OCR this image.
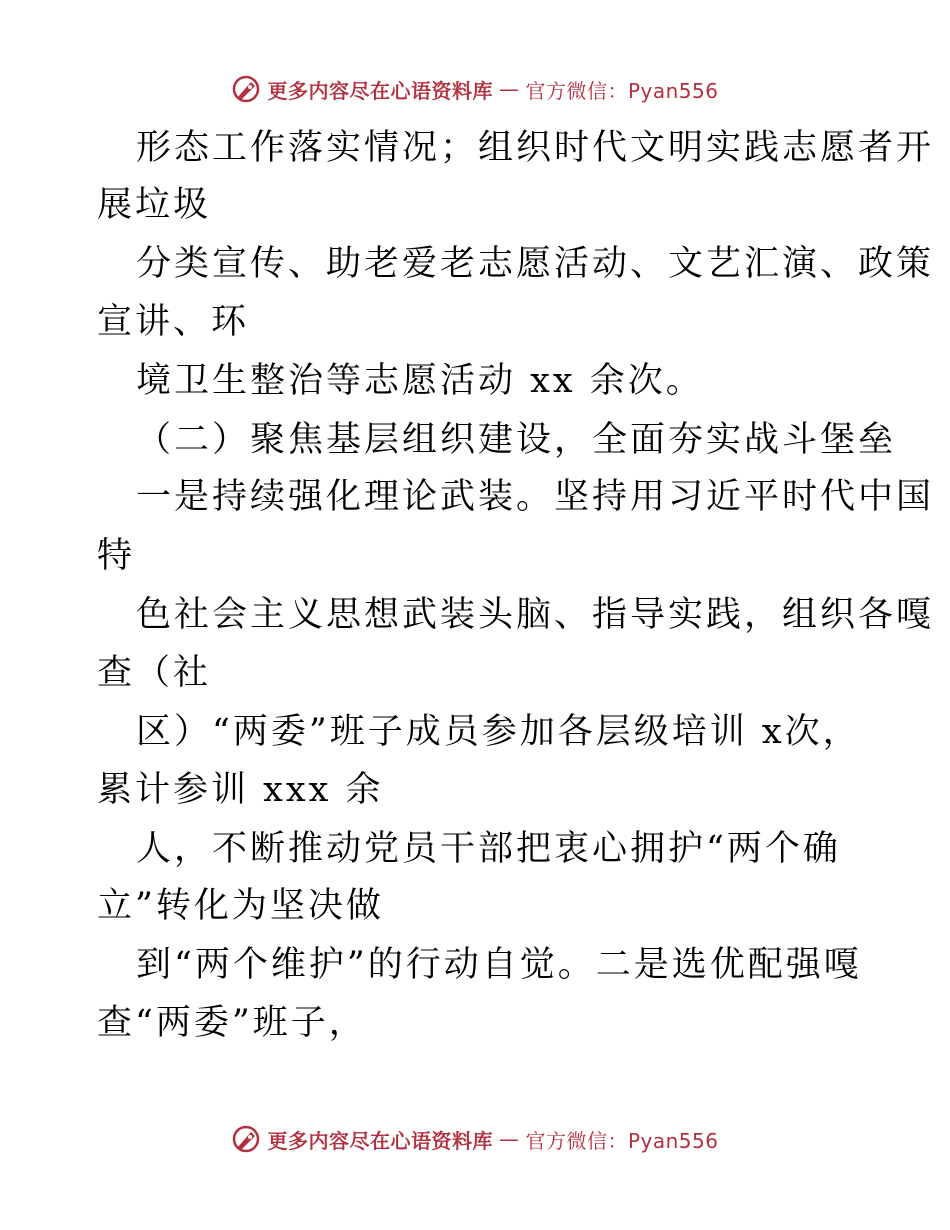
更多内容尽在心语资料库 — 官方微信：Pyan556
形态工作落实情况；组织时代文明实践志愿者开
展垃圾
分类宣传、助老爱老志愿活动、文艺汇演、政策
宣讲、环
境卫生整治等志愿活动 xx 余次。
（二）聚焦基层组织建设，全面夯实战斗堡垒
一是持续强化理论武装。坚持用习近平时代中国
特
色社会主义思想武装头脑、指导实践，组织各嘎
查（社
区）“两委”班子成员参加各层级培训 x次，
累计参训 xxx 余
人，不断推动党员干部把衷心拥护“两个确
立”转化为坚决做
到“两个维护”的行动自觉。二是选优配强嘎
查“两委”班子，
更多内容尽在心语资料库 — 官方微信：Pyan556
